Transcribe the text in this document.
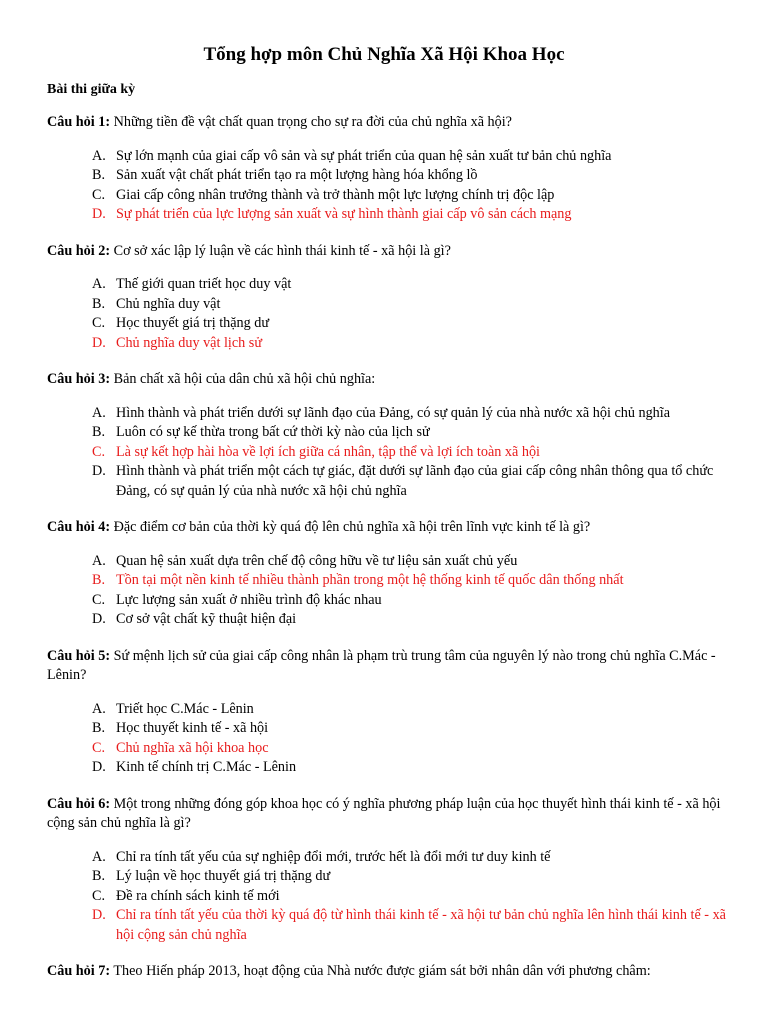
Tổng hợp môn Chủ Nghĩa Xã Hội Khoa Học
Bài thi giữa kỳ
Câu hỏi 1: Những tiền đề vật chất quan trọng cho sự ra đời của chủ nghĩa xã hội?
A. Sự lớn mạnh của giai cấp vô sản và sự phát triển của quan hệ sản xuất tư bản chủ nghĩa
B. Sản xuất vật chất phát triển tạo ra một lượng hàng hóa khổng lồ
C. Giai cấp công nhân trưởng thành và trở thành một lực lượng chính trị độc lập
D. Sự phát triển của lực lượng sản xuất và sự hình thành giai cấp vô sản cách mạng
Câu hỏi 2: Cơ sở xác lập lý luận về các hình thái kinh tế - xã hội là gì?
A. Thế giới quan triết học duy vật
B. Chủ nghĩa duy vật
C. Học thuyết giá trị thặng dư
D. Chủ nghĩa duy vật lịch sử
Câu hỏi 3: Bản chất xã hội của dân chủ xã hội chủ nghĩa:
A. Hình thành và phát triển dưới sự lãnh đạo của Đảng, có sự quản lý của nhà nước xã hội chủ nghĩa
B. Luôn có sự kế thừa trong bất cứ thời kỳ nào của lịch sử
C. Là sự kết hợp hài hòa về lợi ích giữa cá nhân, tập thể và lợi ích toàn xã hội
D. Hình thành và phát triển một cách tự giác, đặt dưới sự lãnh đạo của giai cấp công nhân thông qua tổ chức Đảng, có sự quản lý của nhà nước xã hội chủ nghĩa
Câu hỏi 4: Đặc điểm cơ bản của thời kỳ quá độ lên chủ nghĩa xã hội trên lĩnh vực kinh tế là gì?
A. Quan hệ sản xuất dựa trên chế độ công hữu về tư liệu sản xuất chủ yếu
B. Tồn tại một nền kinh tế nhiều thành phần trong một hệ thống kinh tế quốc dân thống nhất
C. Lực lượng sản xuất ở nhiều trình độ khác nhau
D. Cơ sở vật chất kỹ thuật hiện đại
Câu hỏi 5: Sứ mệnh lịch sử của giai cấp công nhân là phạm trù trung tâm của nguyên lý nào trong chủ nghĩa C.Mác - Lênin?
A. Triết học C.Mác - Lênin
B. Học thuyết kinh tế - xã hội
C. Chủ nghĩa xã hội khoa học
D. Kinh tế chính trị C.Mác - Lênin
Câu hỏi 6: Một trong những đóng góp khoa học có ý nghĩa phương pháp luận của học thuyết hình thái kinh tế - xã hội cộng sản chủ nghĩa là gì?
A. Chỉ ra tính tất yếu của sự nghiệp đổi mới, trước hết là đổi mới tư duy kinh tế
B. Lý luận về học thuyết giá trị thặng dư
C. Đề ra chính sách kinh tế mới
D. Chỉ ra tính tất yếu của thời kỳ quá độ từ hình thái kinh tế - xã hội tư bản chủ nghĩa lên hình thái kinh tế - xã hội cộng sản chủ nghĩa
Câu hỏi 7: Theo Hiến pháp 2013, hoạt động của Nhà nước được giám sát bởi nhân dân với phương châm:
